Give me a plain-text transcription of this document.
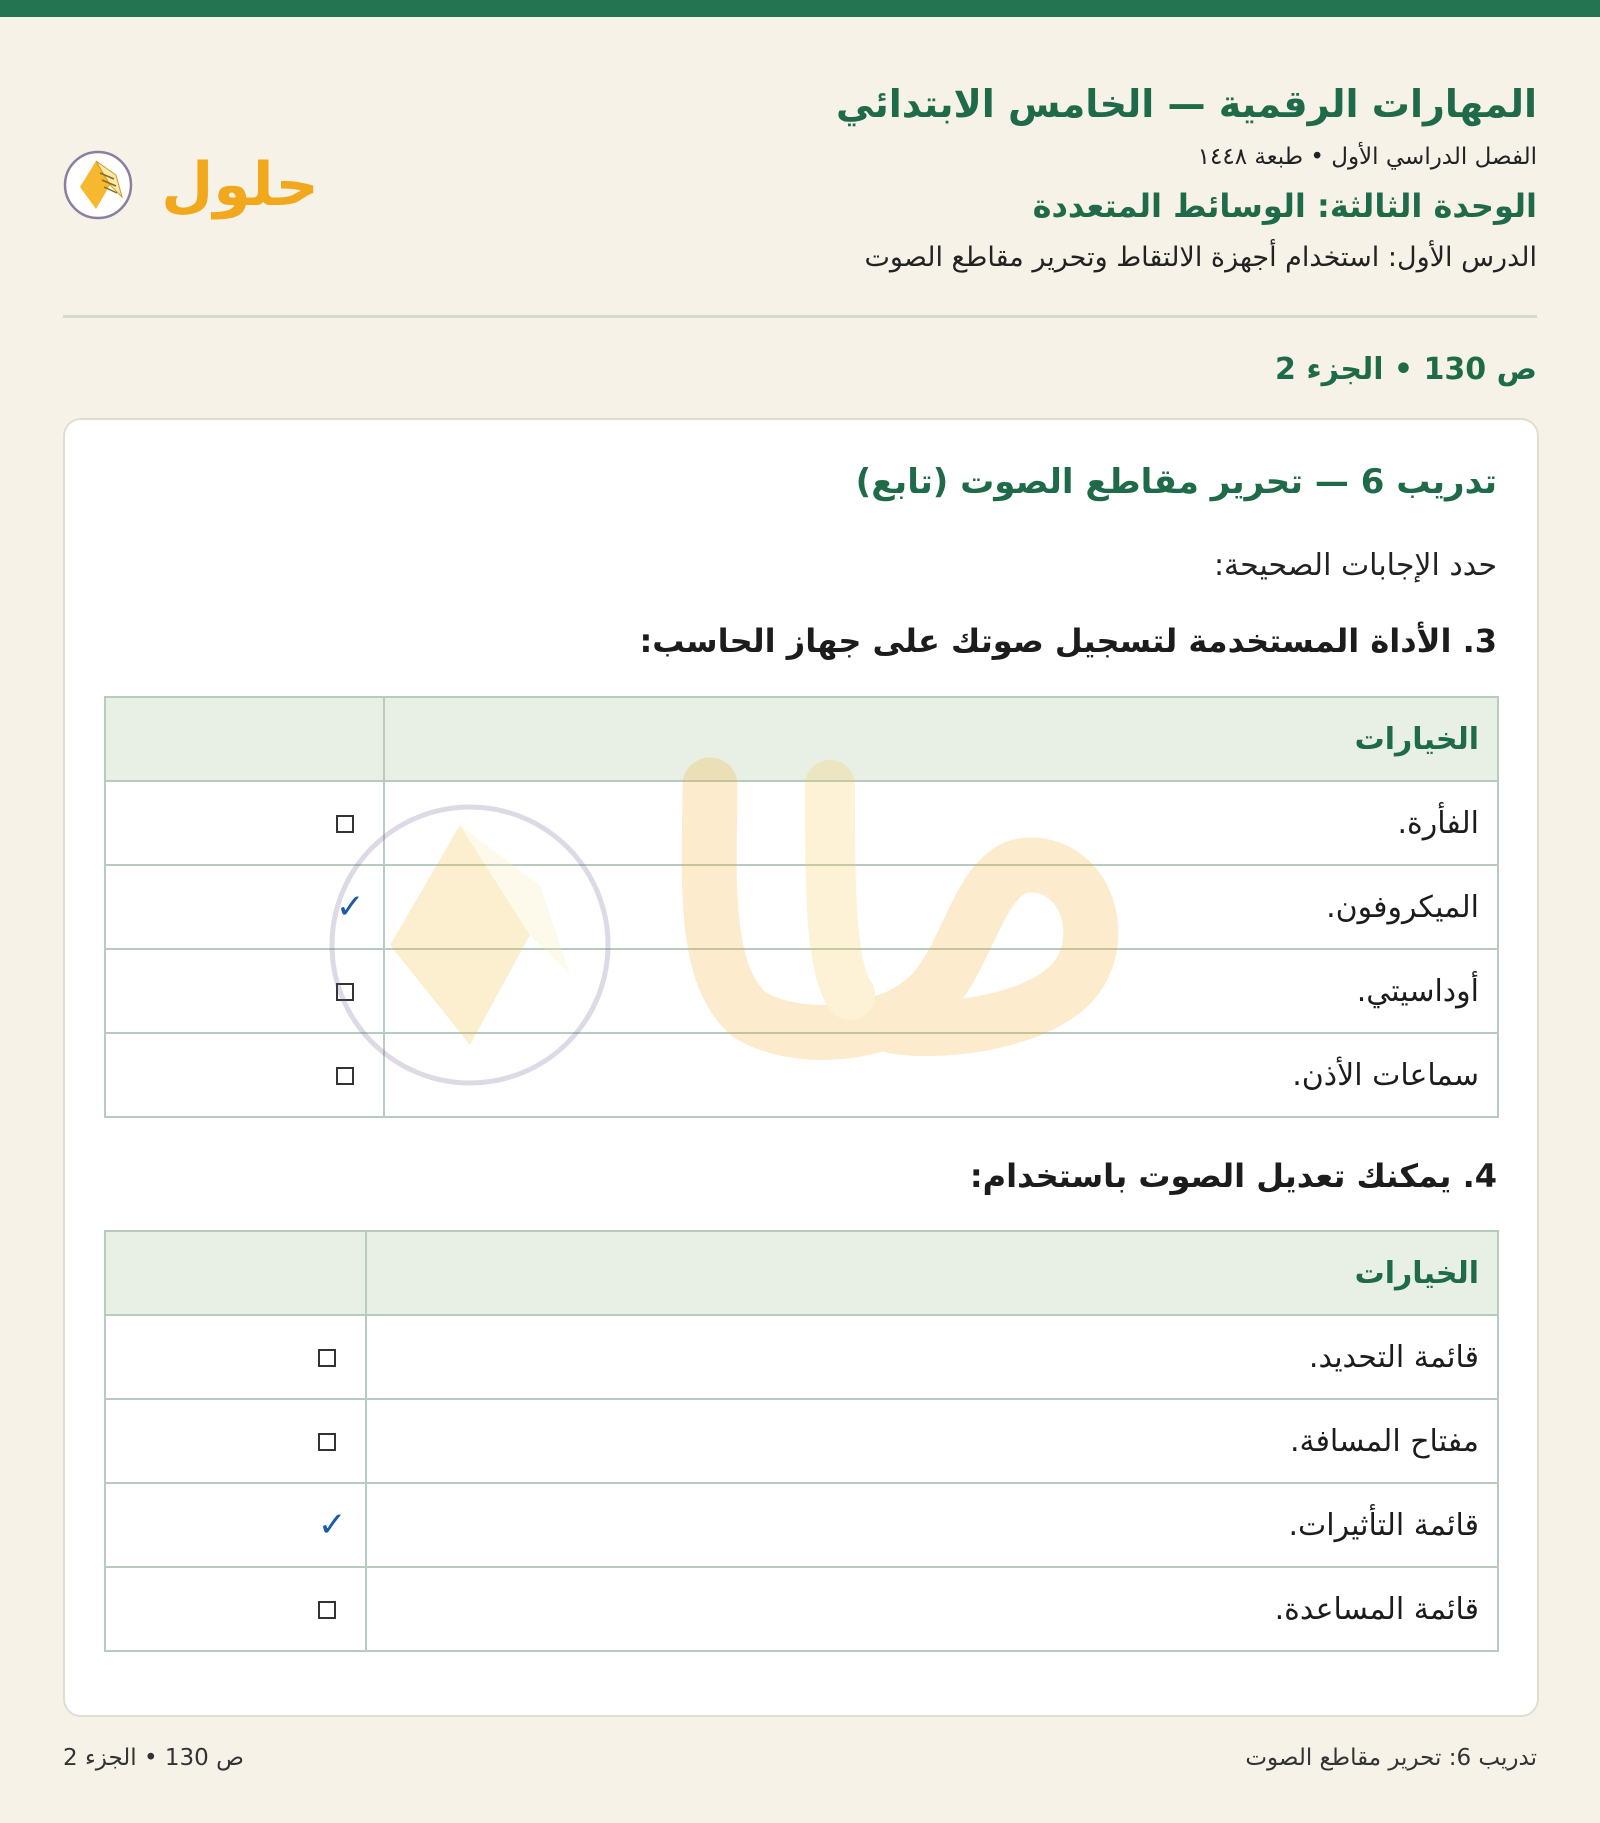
المهارات الرقمية — الخامس الابتدائي
الفصل الدراسي الأول • طبعة ١٤٤٨
الوحدة الثالثة: الوسائط المتعددة
الدرس الأول: استخدام أجهزة الالتقاط وتحرير مقاطع الصوت
حلول
ص 130 • الجزء 2
تدريب 6 — تحرير مقاطع الصوت (تابع)
حدد الإجابات الصحيحة:
3. الأداة المستخدمة لتسجيل صوتك على جهاز الحاسب:
الخيارات	
الفأرة.	
الميكروفون.	✓
أوداسيتي.	
سماعات الأذن.	
4. يمكنك تعديل الصوت باستخدام:
الخيارات	
قائمة التحديد.	
مفتاح المسافة.	
قائمة التأثيرات.	✓
قائمة المساعدة.	
تدريب 6: تحرير مقاطع الصوت
ص 130 • الجزء 2
